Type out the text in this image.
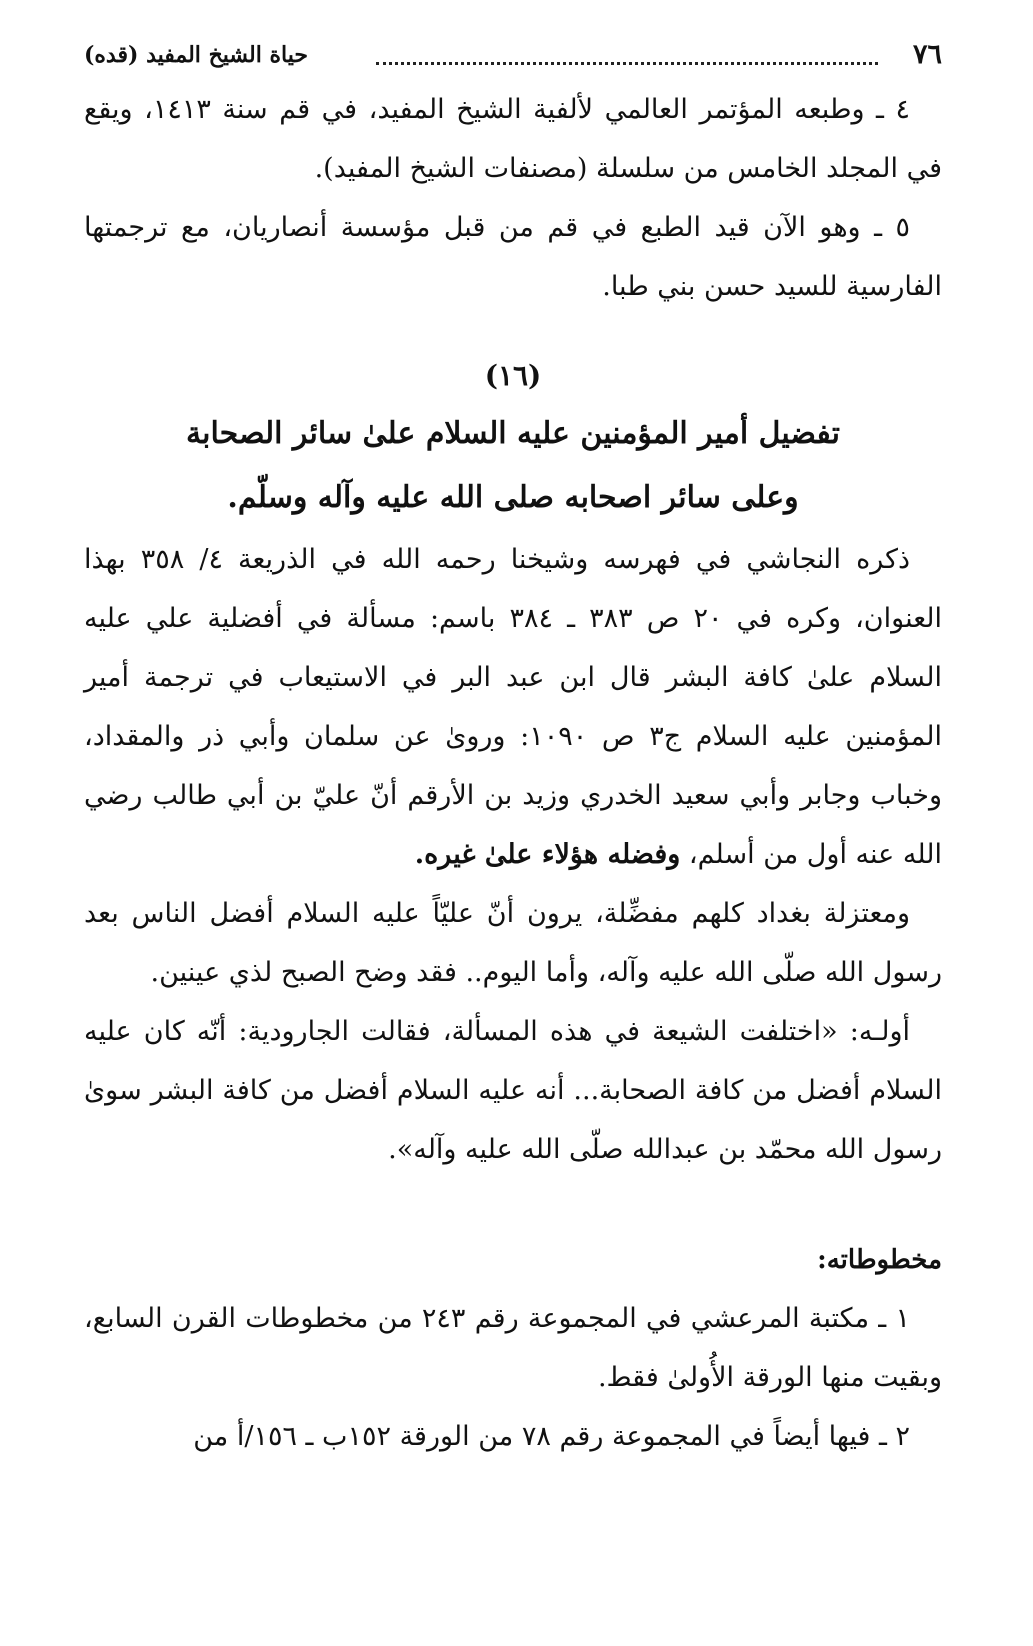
٧٦
حياة الشيخ المفيد (قده)

٤ ـ وطبعه المؤتمر العالمي لألفية الشيخ المفيد، في قم سنة ١٤١٣، ويقع في المجلد الخامس من سلسلة (مصنفات الشيخ المفيد).

٥ ـ وهو الآن قيد الطبع في قم من قبل مؤسسة أنصاريان، مع ترجمتها الفارسية للسيد حسن بني طبا.

(١٦)
تفضيل أمير المؤمنين عليه السلام علىٰ سائر الصحابة
وعلى سائر اصحابه صلى الله عليه وآله وسلّم.

ذكره النجاشي في فهرسه وشيخنا رحمه الله في الذريعة ٤/ ٣٥٨ بهذا العنوان، وكره في ٢٠ ص ٣٨٣ ـ ٣٨٤ باسم: مسألة في أفضلية علي عليه السلام علىٰ كافة البشر قال ابن عبد البر في الاستيعاب في ترجمة أمير المؤمنين عليه السلام ج٣ ص ١٠٩٠: ورویٰ عن سلمان وأبي ذر والمقداد، وخباب وجابر وأبي سعيد الخدري وزيد بن الأرقم أنّ عليّ بن أبي طالب رضي الله عنه أول من أسلم، وفضله هؤلاء علىٰ غيره.

ومعتزلة بغداد كلهم مفضِّلة، يرون أنّ عليّاً عليه السلام أفضل الناس بعد رسول الله صلّى الله عليه وآله، وأما اليوم.. فقد وضح الصبح لذي عينين.

أولـه: «اختلفت الشيعة في هذه المسألة، فقالت الجارودية: أنّه كان عليه السلام أفضل من كافة الصحابة... أنه عليه السلام أفضل من كافة البشر سوىٰ رسول الله محمّد بن عبدالله صلّى الله عليه وآله».

مخطوطاته:

١ ـ مكتبة المرعشي في المجموعة رقم ٢٤٣ من مخطوطات القرن السابع، وبقيت منها الورقة الأُولىٰ فقط.

٢ ـ فيها أيضاً في المجموعة رقم ٧٨ من الورقة ١٥٢ب ـ ١٥٦/أ من
